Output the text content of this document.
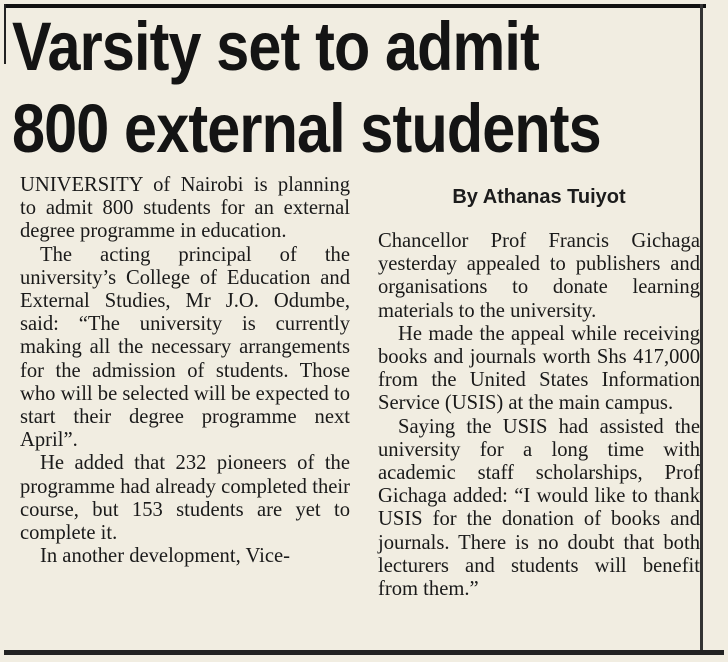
Varsity set to admit
800 external students

UNIVERSITY of Nairobi is planning to admit 800 students for an external degree programme in education.

The acting principal of the university’s College of Education and External Studies, Mr J.O. Odumbe, said: “The university is currently making all the necessary arrangements for the admission of students. Those who will be selected will be expected to start their degree programme next April”.

He added that 232 pioneers of the programme had already completed their course, but 153 students are yet to complete it.

In another development, Vice-

By Athanas Tuiyot

Chancellor Prof Francis Gichaga yesterday appealed to publishers and organisations to donate learning materials to the university.

He made the appeal while receiving books and journals worth Shs 417,000 from the United States Information Service (USIS) at the main campus.

Saying the USIS had assisted the university for a long time with academic staff scholarships, Prof Gichaga added: “I would like to thank USIS for the donation of books and journals. There is no doubt that both lecturers and students will benefit from them.”
